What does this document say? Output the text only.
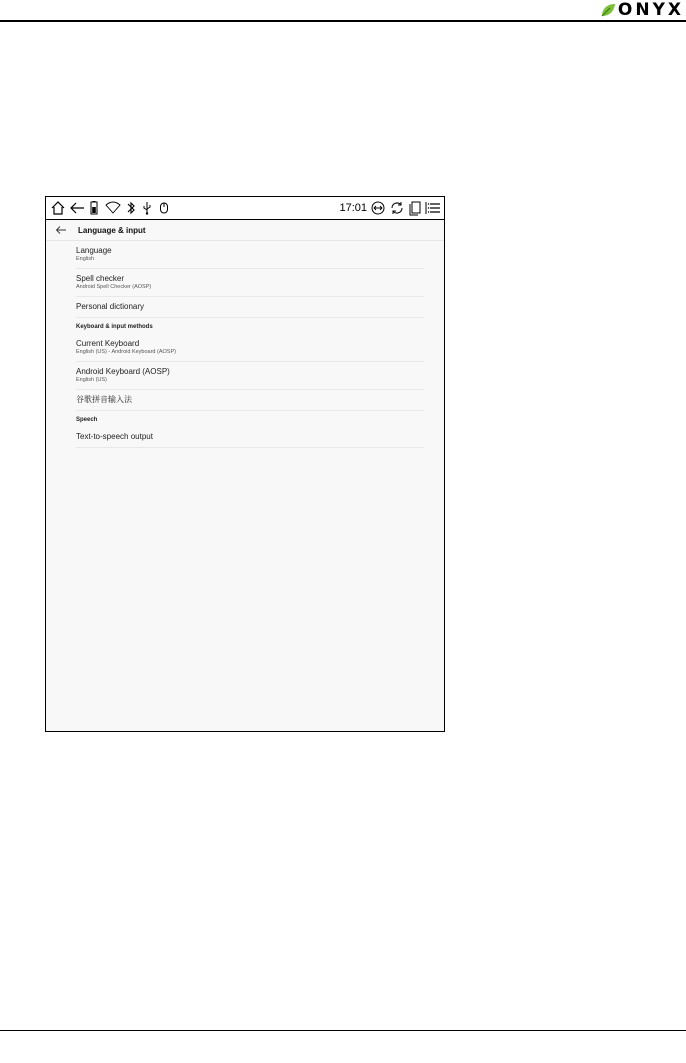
ONYX
17:01
Language & input
Language
English
Spell checker
Android Spell Checker (AOSP)
Personal dictionary
Keyboard & input methods
Current Keyboard
English (US) - Android Keyboard (AOSP)
Android Keyboard (AOSP)
English (US)
谷歌拼音输入法
Speech
Text-to-speech output
